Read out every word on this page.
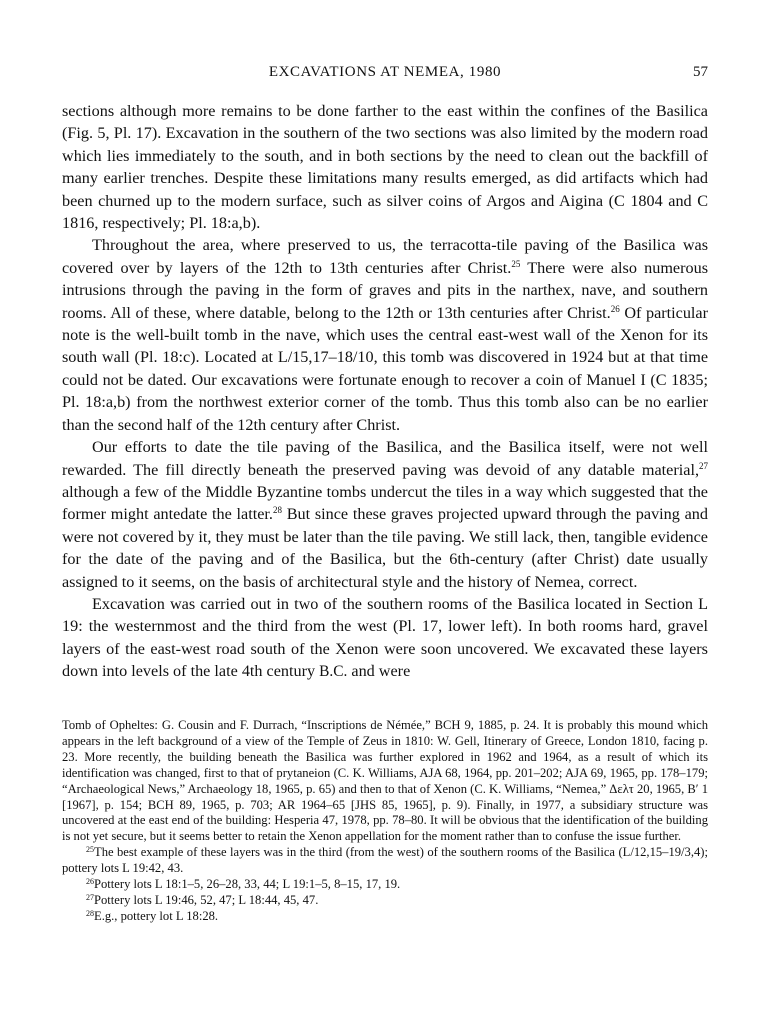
EXCAVATIONS AT NEMEA, 1980	57

sections although more remains to be done farther to the east within the confines of the Basilica (Fig. 5, Pl. 17). Excavation in the southern of the two sections was also limited by the modern road which lies immediately to the south, and in both sections by the need to clean out the backfill of many earlier trenches. Despite these limitations many results emerged, as did artifacts which had been churned up to the modern surface, such as silver coins of Argos and Aigina (C 1804 and C 1816, respectively; Pl. 18:a,b).

Throughout the area, where preserved to us, the terracotta-tile paving of the Basilica was covered over by layers of the 12th to 13th centuries after Christ.$^{25}$ There were also numerous intrusions through the paving in the form of graves and pits in the narthex, nave, and southern rooms. All of these, where datable, belong to the 12th or 13th centuries after Christ.$^{26}$ Of particular note is the well-built tomb in the nave, which uses the central east-west wall of the Xenon for its south wall (Pl. 18:c). Located at L/15,17–18/10, this tomb was discovered in 1924 but at that time could not be dated. Our excavations were fortunate enough to recover a coin of Manuel I (C 1835; Pl. 18:a,b) from the northwest exterior corner of the tomb. Thus this tomb also can be no earlier than the second half of the 12th century after Christ.

Our efforts to date the tile paving of the Basilica, and the Basilica itself, were not well rewarded. The fill directly beneath the preserved paving was devoid of any datable material,$^{27}$ although a few of the Middle Byzantine tombs undercut the tiles in a way which suggested that the former might antedate the latter.$^{28}$ But since these graves projected upward through the paving and were not covered by it, they must be later than the tile paving. We still lack, then, tangible evidence for the date of the paving and of the Basilica, but the 6th-century (after Christ) date usually assigned to it seems, on the basis of architectural style and the history of Nemea, correct.

Excavation was carried out in two of the southern rooms of the Basilica located in Section L 19: the westernmost and the third from the west (Pl. 17, lower left). In both rooms hard, gravel layers of the east-west road south of the Xenon were soon uncovered. We excavated these layers down into levels of the late 4th century B.C. and were

Tomb of Opheltes: G. Cousin and F. Durrach, “Inscriptions de Némée,” BCH 9, 1885, p. 24. It is probably this mound which appears in the left background of a view of the Temple of Zeus in 1810: W. Gell, Itinerary of Greece, London 1810, facing p. 23. More recently, the building beneath the Basilica was further explored in 1962 and 1964, as a result of which its identification was changed, first to that of prytaneion (C. K. Williams, AJA 68, 1964, pp. 201–202; AJA 69, 1965, pp. 178–179; “Archaeological News,” Archaeology 18, 1965, p. 65) and then to that of Xenon (C. K. Williams, “Nemea,” Δελτ 20, 1965, B′ 1 [1967], p. 154; BCH 89, 1965, p. 703; AR 1964–65 [JHS 85, 1965], p. 9). Finally, in 1977, a subsidiary structure was uncovered at the east end of the building: Hesperia 47, 1978, pp. 78–80. It will be obvious that the identification of the building is not yet secure, but it seems better to retain the Xenon appellation for the moment rather than to confuse the issue further.

$^{25}$The best example of these layers was in the third (from the west) of the southern rooms of the Basilica (L/12,15–19/3,4); pottery lots L 19:42, 43.

$^{26}$Pottery lots L 18:1–5, 26–28, 33, 44; L 19:1–5, 8–15, 17, 19.

$^{27}$Pottery lots L 19:46, 52, 47; L 18:44, 45, 47.

$^{28}$E.g., pottery lot L 18:28.
